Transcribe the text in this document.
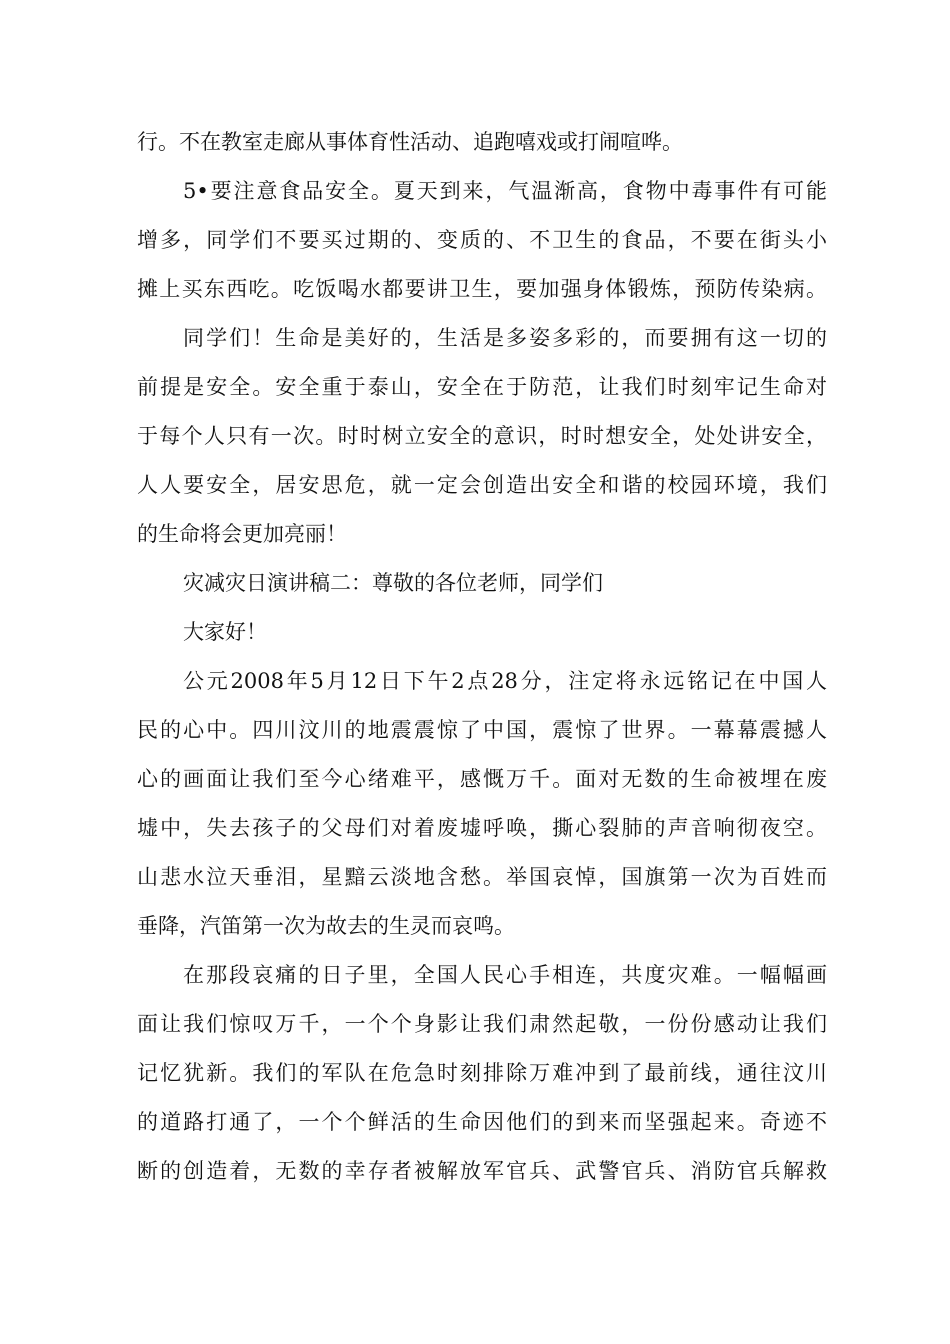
行。不在教室走廊从事体育性活动、追跑嘻戏或打闹喧哗。
5•要注意食品安全。夏天到来，气温渐高，食物中毒事件有可能
增多，同学们不要买过期的、变质的、不卫生的食品，不要在街头小
摊上买东西吃。吃饭喝水都要讲卫生，要加强身体锻炼，预防传染病。
同学们！生命是美好的，生活是多姿多彩的，而要拥有这一切的
前提是安全。安全重于泰山，安全在于防范，让我们时刻牢记生命对
于每个人只有一次。时时树立安全的意识，时时想安全，处处讲安全，
人人要安全，居安思危，就一定会创造出安全和谐的校园环境，我们
的生命将会更加亮丽！
灾减灾日演讲稿二：尊敬的各位老师，同学们
大家好！
公元2008年5月12日下午2点28分，注定将永远铭记在中国人
民的心中。四川汶川的地震震惊了中国，震惊了世界。一幕幕震撼人
心的画面让我们至今心绪难平，感慨万千。面对无数的生命被埋在废
墟中，失去孩子的父母们对着废墟呼唤，撕心裂肺的声音响彻夜空。
山悲水泣天垂泪，星黯云淡地含愁。举国哀悼，国旗第一次为百姓而
垂降，汽笛第一次为故去的生灵而哀鸣。
在那段哀痛的日子里，全国人民心手相连，共度灾难。一幅幅画
面让我们惊叹万千，一个个身影让我们肃然起敬，一份份感动让我们
记忆犹新。我们的军队在危急时刻排除万难冲到了最前线，通往汶川
的道路打通了，一个个鲜活的生命因他们的到来而坚强起来。奇迹不
断的创造着，无数的幸存者被解放军官兵、武警官兵、消防官兵解救
